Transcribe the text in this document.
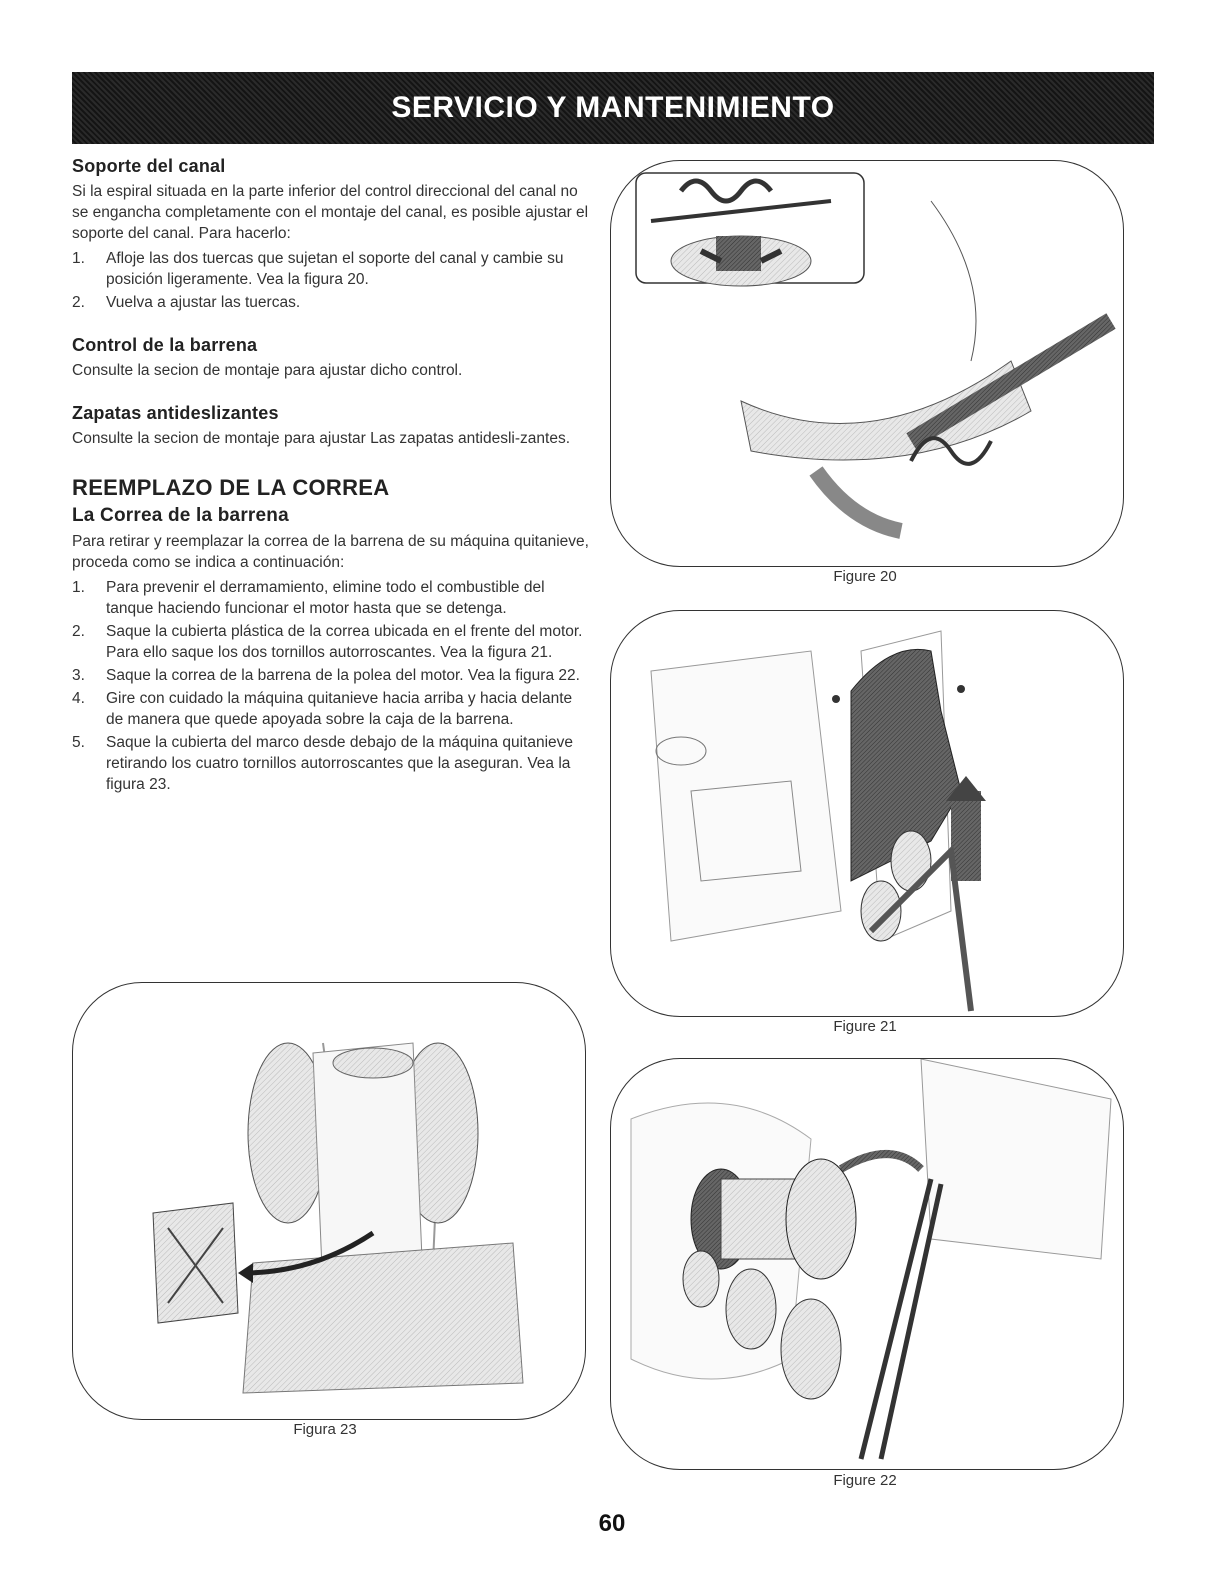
SERVICIO Y MANTENIMIENTO
Soporte del canal

Si la espiral situada en la parte inferior del control direccional del canal no se engancha completamente con el montaje del canal, es posible ajustar el soporte del canal. Para hacerlo:

1. Afloje las dos tuercas que sujetan el soporte del canal y cambie su posición ligeramente. Vea la figura 20.
2. Vuelva a ajustar las tuercas.
Control de la barrena

Consulte la secion de montaje para ajustar dicho control.

Zapatas antideslizantes

Consulte la secion de montaje para ajustar Las zapatas antidesli-zantes.

REEMPLAZO DE LA CORREA
La Correa de la barrena

Para retirar y reemplazar la correa de la barrena de su máquina quitanieve, proceda como se indica a continuación:

1. Para prevenir el derramamiento, elimine todo el combustible del tanque haciendo funcionar el motor hasta que se detenga.
2. Saque la cubierta plástica de la correa ubicada en el frente del motor. Para ello saque los dos tornillos autorroscantes. Vea la figura 21.
3. Saque la correa de la barrena de la polea del motor. Vea la figura 22.
4. Gire con cuidado la máquina quitanieve hacia arriba y hacia delante de manera que quede apoyada sobre la caja de la barrena.
5. Saque la cubierta del marco desde debajo de la máquina quitanieve retirando los cuatro tornillos autorroscantes que la aseguran. Vea la figura 23.
Figure 20
Figure 21
Figure 22
Figura 23
60
